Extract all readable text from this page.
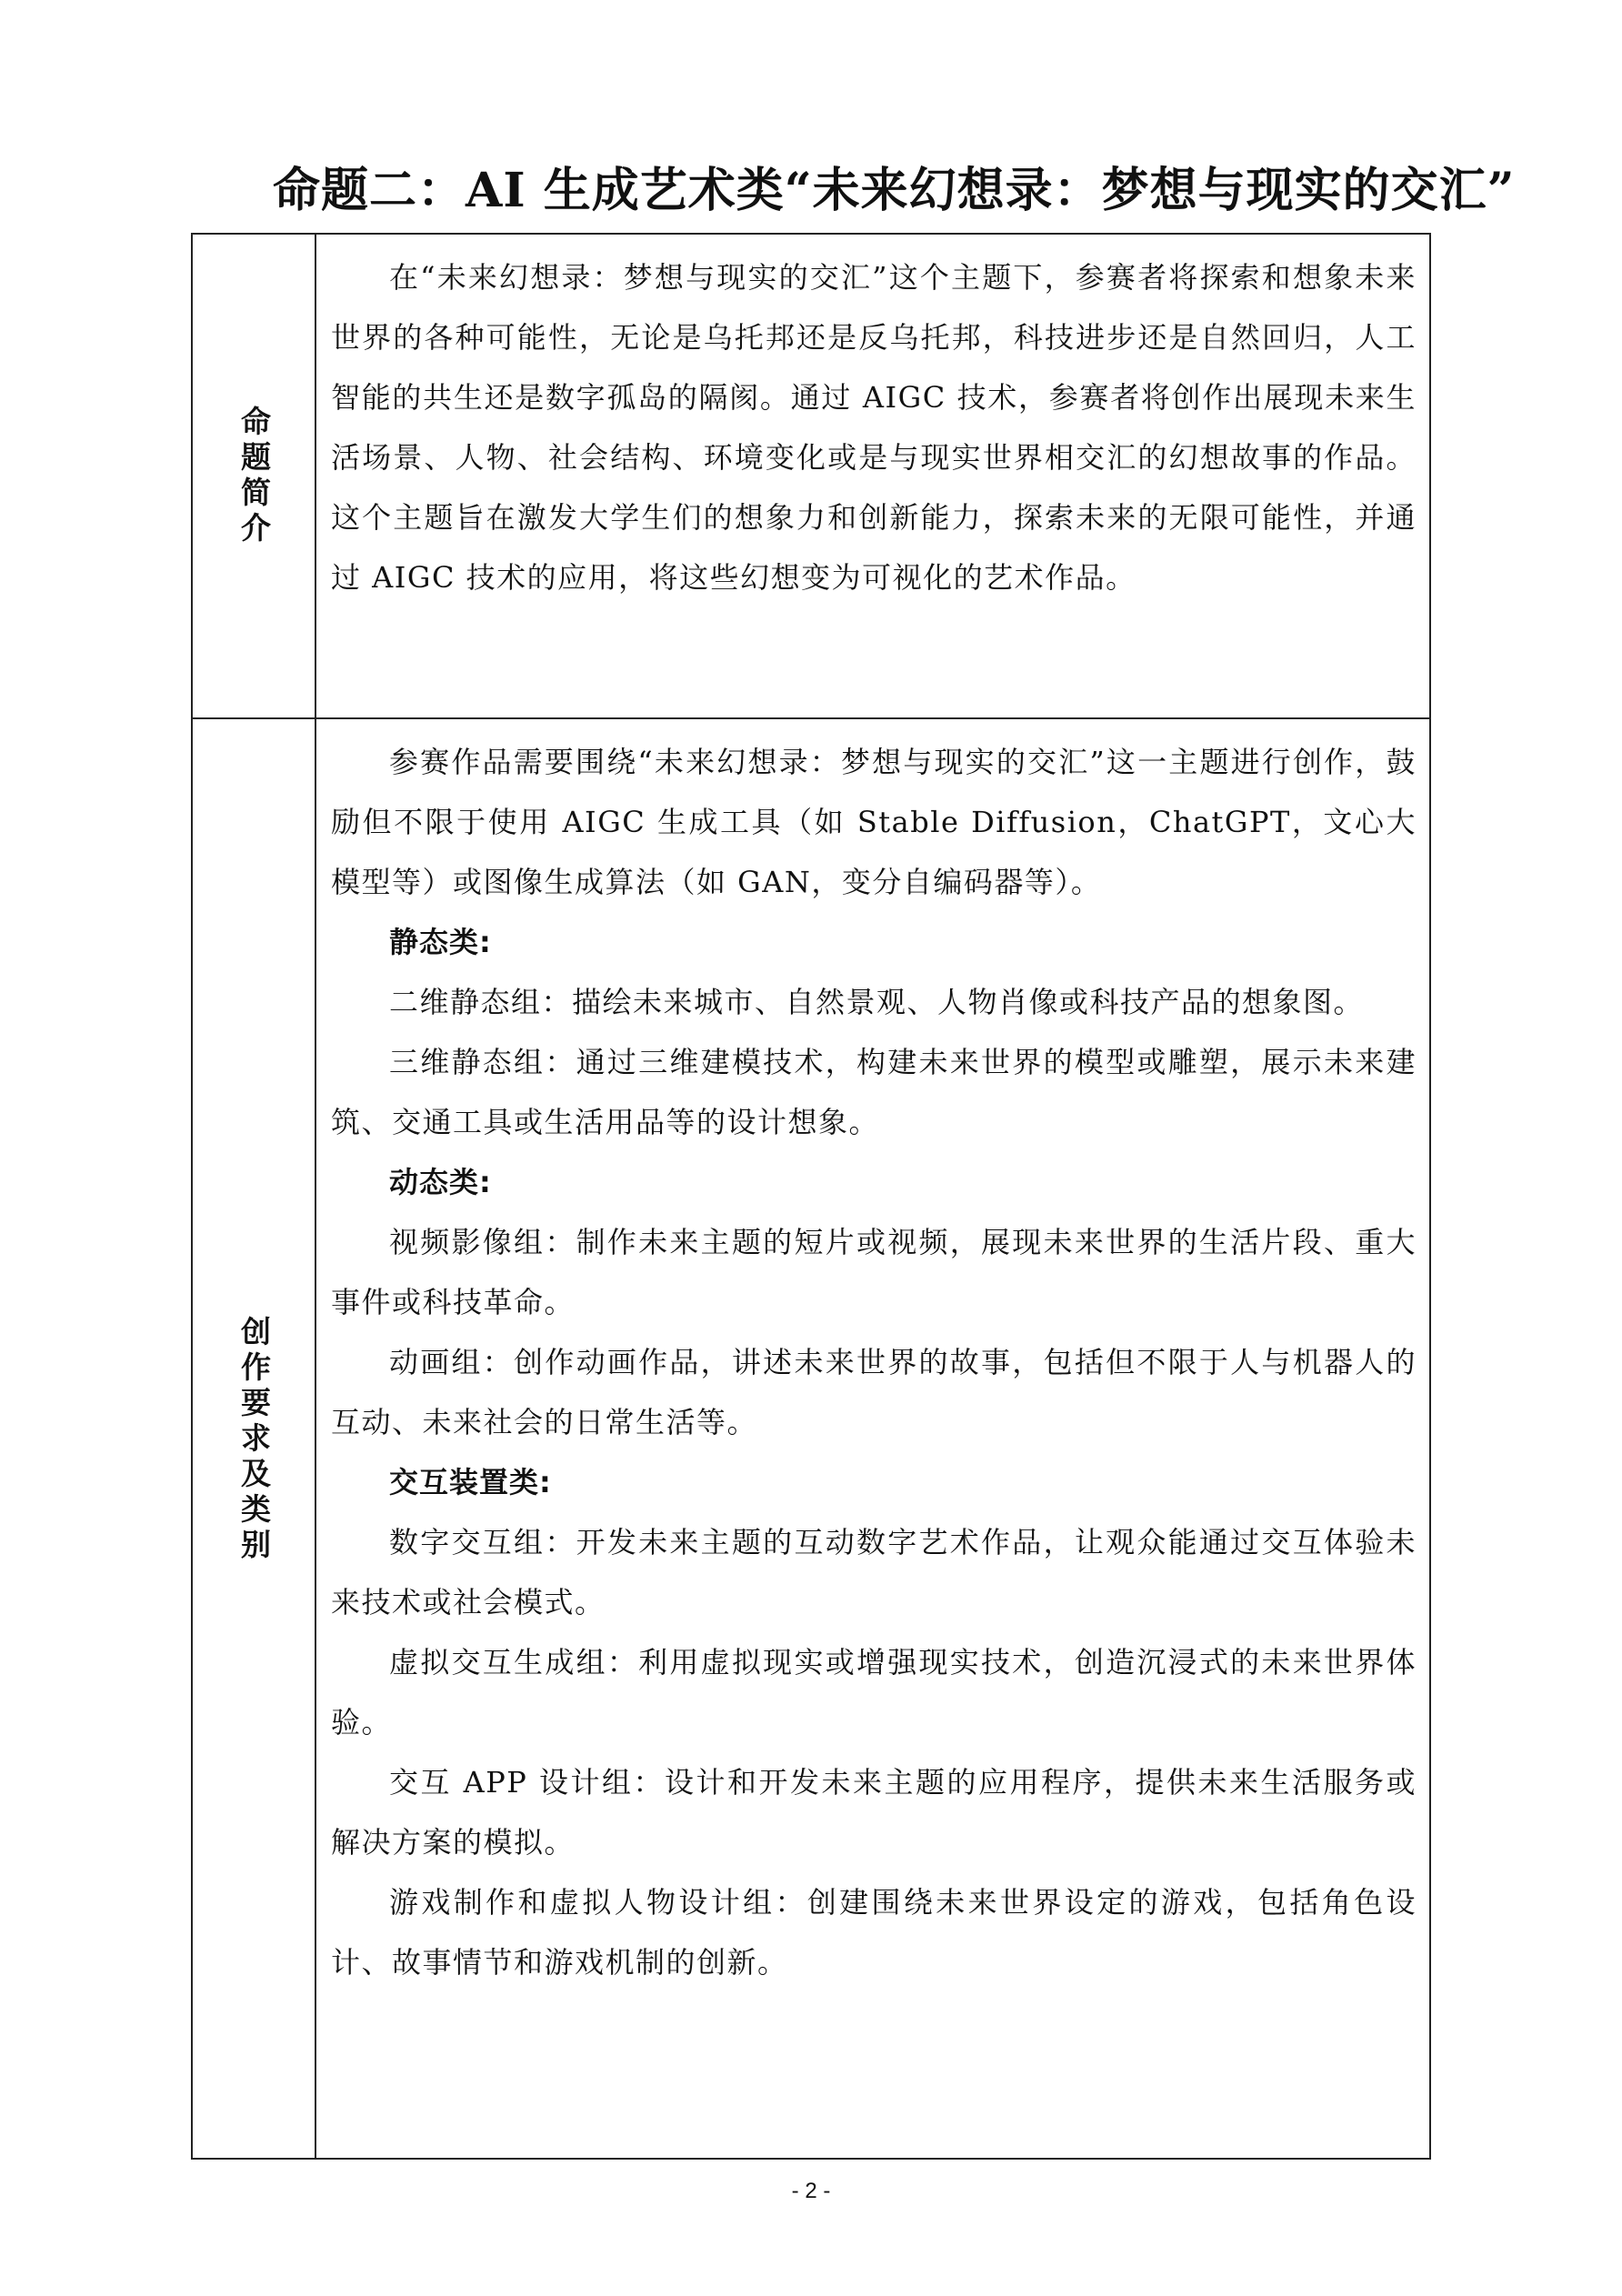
命题二：AI 生成艺术类“未来幻想录：梦想与现实的交汇”
命题简介

在“未来幻想录：梦想与现实的交汇”这个主题下，参赛者将探索和想象未来世界的各种可能性，无论是乌托邦还是反乌托邦，科技进步还是自然回归，人工智能的共生还是数字孤岛的隔阂。通过 AIGC 技术，参赛者将创作出展现未来生活场景、人物、社会结构、环境变化或是与现实世界相交汇的幻想故事的作品。这个主题旨在激发大学生们的想象力和创新能力，探索未来的无限可能性，并通过 AIGC 技术的应用，将这些幻想变为可视化的艺术作品。

创作要求及类别

参赛作品需要围绕“未来幻想录：梦想与现实的交汇”这一主题进行创作，鼓励但不限于使用 AIGC 生成工具（如 Stable Diffusion，ChatGPT，文心大模型等）或图像生成算法（如 GAN，变分自编码器等）。

静态类:

二维静态组：描绘未来城市、自然景观、人物肖像或科技产品的想象图。

三维静态组：通过三维建模技术，构建未来世界的模型或雕塑，展示未来建筑、交通工具或生活用品等的设计想象。

动态类:

视频影像组：制作未来主题的短片或视频，展现未来世界的生活片段、重大事件或科技革命。

动画组：创作动画作品，讲述未来世界的故事，包括但不限于人与机器人的互动、未来社会的日常生活等。

交互装置类:

数字交互组：开发未来主题的互动数字艺术作品，让观众能通过交互体验未来技术或社会模式。

虚拟交互生成组：利用虚拟现实或增强现实技术，创造沉浸式的未来世界体验。

交互 APP 设计组：设计和开发未来主题的应用程序，提供未来生活服务或解决方案的模拟。

游戏制作和虚拟人物设计组：创建围绕未来世界设定的游戏，包括角色设计、故事情节和游戏机制的创新。

- 2 -
